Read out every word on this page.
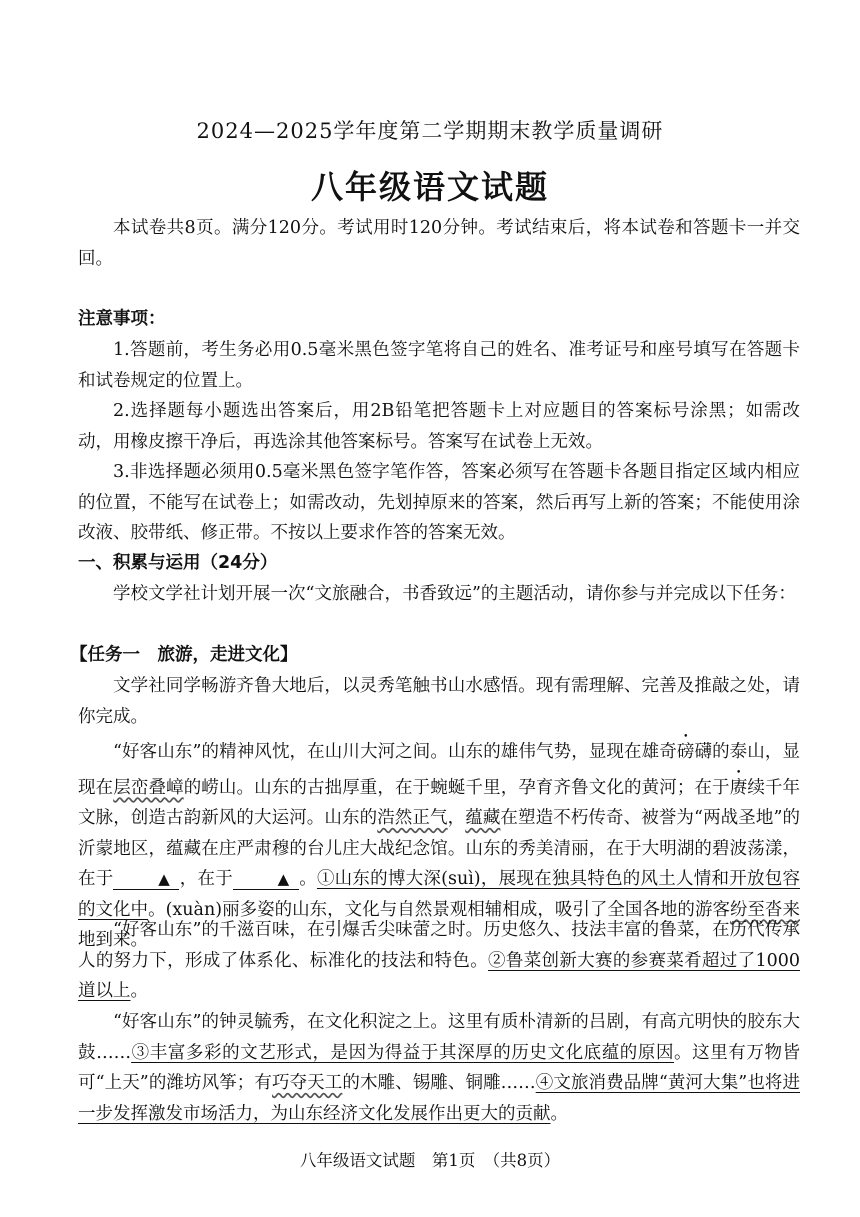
2024—2025学年度第二学期期末教学质量调研
八年级语文试题

本试卷共8页。满分120分。考试用时120分钟。考试结束后，将本试卷和答题卡一并交回。

注意事项：

1.答题前，考生务必用0.5毫米黑色签字笔将自己的姓名、准考证号和座号填写在答题卡和试卷规定的位置上。

2.选择题每小题选出答案后，用2B铅笔把答题卡上对应题目的答案标号涂黑；如需改动，用橡皮擦干净后，再选涂其他答案标号。答案写在试卷上无效。

3.非选择题必须用0.5毫米黑色签字笔作答，答案必须写在答题卡各题目指定区域内相应的位置，不能写在试卷上；如需改动，先划掉原来的答案，然后再写上新的答案；不能使用涂改液、胶带纸、修正带。不按以上要求作答的答案无效。

一、积累与运用（24分）

学校文学社计划开展一次“文旅融合，书香致远”的主题活动，请你参与并完成以下任务：

【任务一　旅游，走进文化】

文学社同学畅游齐鲁大地后，以灵秀笔触书山水感悟。现有需理解、完善及推敲之处，请你完成。

“好客山东”的精神风忱，在山川大河之间。山东的雄伟气势，显现在雄奇磅礴的泰山，显现在层峦叠嶂的崂山。山东的古拙厚重，在于蜿蜒千里，孕育齐鲁文化的黄河；在于赓续千年文脉，创造古韵新风的大运河。山东的浩然正气，蕴藏在塑造不朽传奇、被誉为“两战圣地”的沂蒙地区，蕴藏在庄严肃穆的台儿庄大战纪念馆。山东的秀美清丽，在于大明湖的碧波荡漾，在于	▲ ，在于	▲ 。①山东的博大深(suì)，展现在独具特色的风土人情和开放包容的文化中。(xuàn)丽多姿的山东，文化与自然景观相辅相成，吸引了全国各地的游客纷至沓来地到来。

“好客山东”的千滋百味，在引爆舌尖味蕾之时。历史悠久、技法丰富的鲁菜，在历代传承人的努力下，形成了体系化、标准化的技法和特色。②鲁菜创新大赛的参赛菜肴超过了1000道以上。

“好客山东”的钟灵毓秀，在文化积淀之上。这里有质朴清新的吕剧，有高亢明快的胶东大鼓……③丰富多彩的文艺形式，是因为得益于其深厚的历史文化底蕴的原因。这里有万物皆可“上天”的潍坊风筝；有巧夺天工的木雕、锡雕、铜雕……④文旅消费品牌“黄河大集”也将进一步发挥激发市场活力，为山东经济文化发展作出更大的贡献。

八年级语文试题　第1页　（共8页）
